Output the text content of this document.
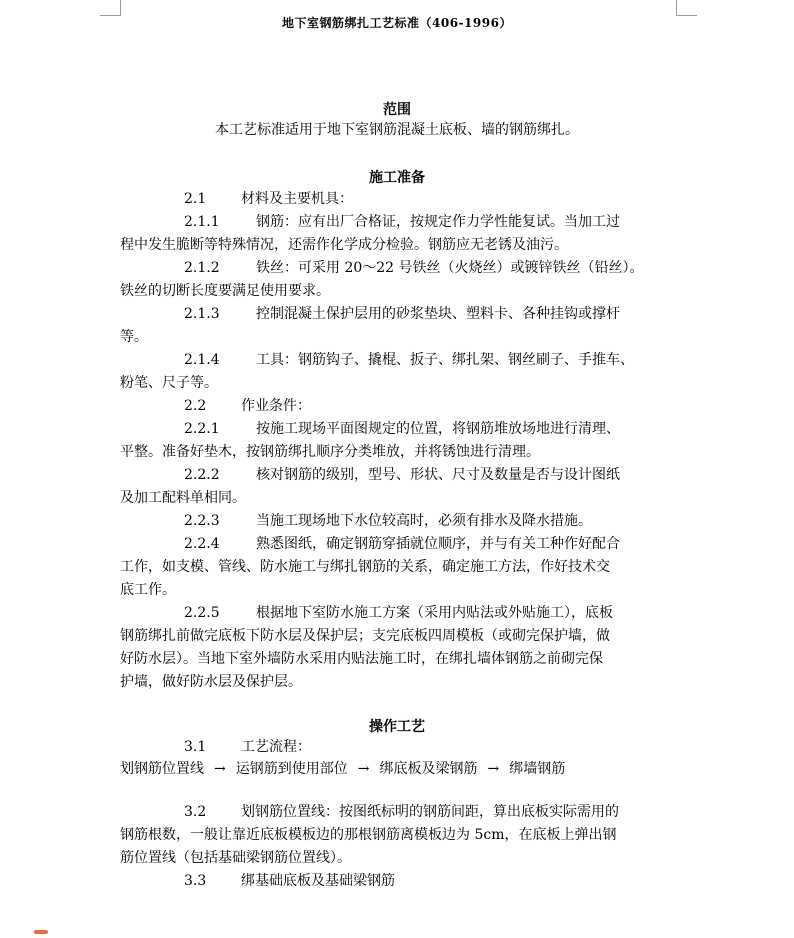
地下室钢筋绑扎工艺标准（406-1996）
范围
本工艺标准适用于地下室钢筋混凝土底板、墙的钢筋绑扎。
施工准备
2.1 材料及主要机具：
2.1.1	钢筋：应有出厂合格证，按规定作力学性能复试。当加工过
程中发生脆断等特殊情况，还需作化学成分检验。钢筋应无老锈及油污。
2.1.2	铁丝：可采用 20～22 号铁丝（火烧丝）或镀锌铁丝（铅丝）。
铁丝的切断长度要满足使用要求。
2.1.3	控制混凝土保护层用的砂浆垫块、塑料卡、各种挂钩或撑杆
等。
2.1.4	工具：钢筋钩子、撬棍、扳子、绑扎架、钢丝刷子、手推车、
粉笔、尺子等。
2.2 作业条件：
2.2.1	按施工现场平面图规定的位置，将钢筋堆放场地进行清理、
平整。准备好垫木，按钢筋绑扎顺序分类堆放，并将锈蚀进行清理。
2.2.2	核对钢筋的级别，型号、形状、尺寸及数量是否与设计图纸
及加工配料单相同。
2.2.3	当施工现场地下水位较高时，必须有排水及降水措施。
2.2.4	熟悉图纸，确定钢筋穿插就位顺序，并与有关工种作好配合
工作，如支模、管线、防水施工与绑扎钢筋的关系，确定施工方法，作好技术交
底工作。
2.2.5	根据地下室防水施工方案（采用内贴法或外贴施工），底板
钢筋绑扎前做完底板下防水层及保护层；支完底板四周模板（或砌完保护墙，做
好防水层）。当地下室外墙防水采用内贴法施工时，在绑扎墙体钢筋之前砌完保
护墙，做好防水层及保护层。
操作工艺
3.1 工艺流程：
划钢筋位置线 → 运钢筋到使用部位 → 绑底板及梁钢筋 → 绑墙钢筋
3.2 划钢筋位置线：按图纸标明的钢筋间距，算出底板实际需用的
钢筋根数，一般让靠近底板模板边的那根钢筋离模板边为 5cm，在底板上弹出钢
筋位置线（包括基础梁钢筋位置线）。
3.3 绑基础底板及基础梁钢筋
